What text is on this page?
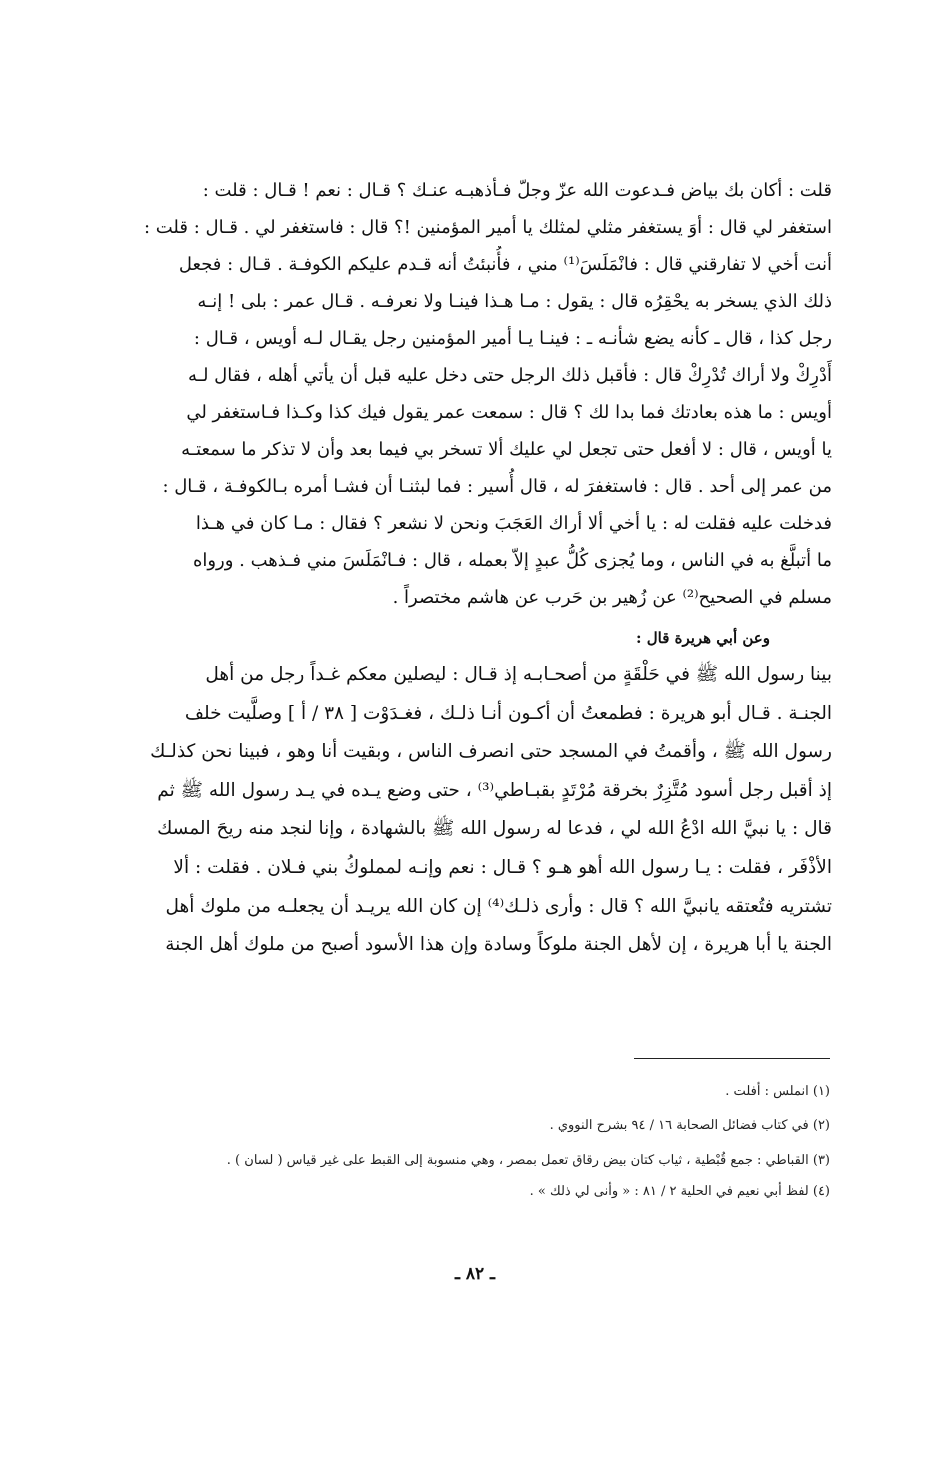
قلت : أكان بك بياض فـدعوت الله عزّ وجلّ فـأذهبـه عنـك ؟ قـال : نعم ! قـال : قلت :
استغفر لي قال : أوَ يستغفر مثلي لمثلك يا أمير المؤمنين !؟ قال : فاستغفر لي . قـال : قلت :
أنت أخي لا تفارقني قال : فانْمَلَسَ⁽¹⁾ مني ، فأُنبئتُ أنه قـدم عليكم الكوفـة . قـال : فجعل
ذلك الذي يسخر به يحْقِرُه قال : يقول : مـا هـذا فينـا ولا نعرفـه . قـال عمر : بلى ! إنـه
رجل كذا ، قال ـ كأنه يضع شأنـه ـ : فينـا يـا أمير المؤمنين رجل يقـال لـه أويس ، قـال :
أَدْرِكْ ولا أراك تُدْرِكْ قال : فأقبل ذلك الرجل حتى دخل عليه قبل أن يأتي أهله ، فقال لـه
أويس : ما هذه بعادتك فما بدا لك ؟ قال : سمعت عمر يقول فيك كذا وكـذا فـاستغفر لي
يا أويس ، قال : لا أفعل حتى تجعل لي عليك ألا تسخر بي فيما بعد وأن لا تذكر ما سمعتـه
من عمر إلى أحد . قال : فاستغفرَ له ، قال أُسير : فما لبثنـا أن فشـا أمره بـالكوفـة ، قـال :
فدخلت عليه فقلت له : يا أخي ألا أراك العَجَبَ ونحن لا نشعر ؟ فقال : مـا كان في هـذا
ما أتبلَّغ به في الناس ، وما يُجزى كُلُّ عبدٍ إلاّ بعمله ، قال : فـانْمَلَسَ مني فـذهب . ورواه
مسلم في الصحيح⁽²⁾ عن زُهير بن حَرب عن هاشم مختصراً .
وعن أبي هريرة قال :
بينا رسول الله ﷺ في حَلْقَةٍ من أصحـابـه إذ قـال : ليصلين معكم غـداً رجل من أهل
الجنـة . قـال أبو هريرة : فطمعتُ أن أكـون أنـا ذلـك ، فغـدَوْت [ ٣٨ / أ ] وصلَّيت خلف
رسول الله ﷺ ، وأقمتُ في المسجد حتى انصرف الناس ، وبقيت أنا وهو ، فبينا نحن كذلـك
إذ أقبل رجل أسود مُتَّزِرٌ بخرقة مُرْتَدٍ بقبـاطي⁽³⁾ ، حتى وضع يـده في يـد رسول الله ﷺ ثم
قال : يا نبيَّ الله ادْعُ الله لي ، فدعا له رسول الله ﷺ بالشهادة ، وإنا لنجد منه ريحَ المسك
الأذْفَر ، فقلت : يـا رسول الله أهو هـو ؟ قـال : نعم وإنـه لمملوكُ بني فـلان . فقلت : ألا
تشتريه فتُعتقه يانبيَّ الله ؟ قال : وأرى ذلـك⁽⁴⁾ إن كان الله يريـد أن يجعلـه من ملوك أهل
الجنة يا أبا هريرة ، إن لأهل الجنة ملوكاً وسادة وإن هذا الأسود أصبح من ملوك أهل الجنة
(١) انملس : أفلت .
(٢) في كتاب فضائل الصحابة ١٦ / ٩٤ بشرح النووي .
(٣) القباطي : جمع قُبْطية ، ثياب كتان بيض رقاق تعمل بمصر ، وهي منسوبة إلى القبط على غير قياس ( لسان ) .
(٤) لفظ أبي نعيم في الحلية ٢ / ٨١ : « وأنى لي ذلك » .
ـ ٨٢ ـ
